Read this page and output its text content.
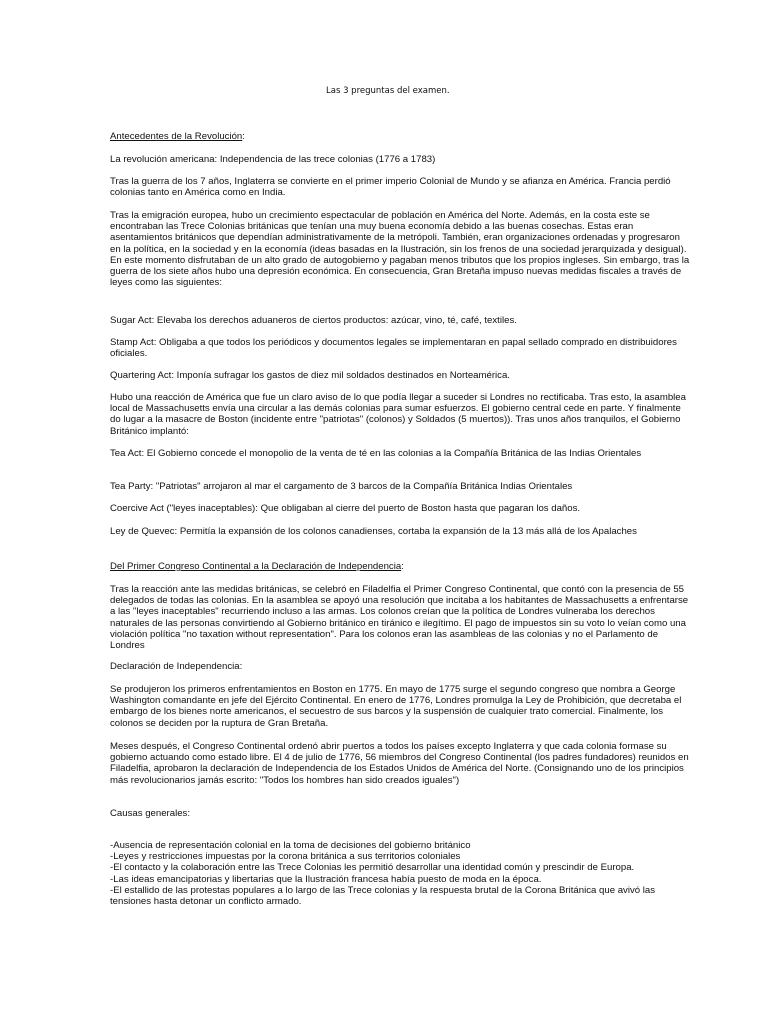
Las 3 preguntas del examen.

Antecedentes de la Revolución:

La revolución americana: Independencia de las trece colonias (1776 a 1783)

Tras la guerra de los 7 años, Inglaterra se convierte en el primer imperio Colonial de Mundo y se afianza en América. Francia perdió colonias tanto en América como en India.

Tras la emigración europea, hubo un crecimiento espectacular de población en América del Norte. Además, en la costa este se encontraban las Trece Colonias británicas que tenían una muy buena economía debido a las buenas cosechas. Estas eran asentamientos británicos que dependían administrativamente de la metrópoli. También, eran organizaciones ordenadas y progresaron en la política, en la sociedad y en la economía (ideas basadas en la Ilustración, sin los frenos de una sociedad jerarquizada y desigual). En este momento disfrutaban de un alto grado de autogobierno y pagaban menos tributos que los propios ingleses. Sin embargo, tras la guerra de los siete años hubo una depresión económica. En consecuencia, Gran Bretaña impuso nuevas medidas fiscales a través de leyes como las siguientes:

Sugar Act: Elevaba los derechos aduaneros de ciertos productos: azúcar, vino, té, café, textiles.

Stamp Act: Obligaba a que todos los periódicos y documentos legales se implementaran en papal sellado comprado en distribuidores oficiales.

Quartering Act: Imponía sufragar los gastos de diez mil soldados destinados en Norteamérica.

Hubo una reacción de América que fue un claro aviso de lo que podía llegar a suceder si Londres no rectificaba. Tras esto, la asamblea local de Massachusetts envía una circular a las demás colonias para sumar esfuerzos. El gobierno central cede en parte. Y finalmente do lugar a la masacre de Boston (incidente entre "patriotas" (colonos) y Soldados (5 muertos)). Tras unos años tranquilos, el Gobierno Británico implantó:

Tea Act: El Gobierno concede el monopolio de la venta de té en las colonias a la Compañía Británica de las Indias Orientales

Tea Party: "Patriotas" arrojaron al mar el cargamento de 3 barcos de la Compañía Británica Indias Orientales

Coercive Act ("leyes inaceptables): Que obligaban al cierre del puerto de Boston hasta que pagaran los daños.

Ley de Quevec: Permitía la expansión de los colonos canadienses, cortaba la expansión de la 13 más allá de los Apalaches

Del Primer Congreso Continental a la Declaración de Independencia:

Tras la reacción ante las medidas británicas, se celebró en Filadelfia el Primer Congreso Continental, que contó con la presencia de 55 delegados de todas las colonias. En la asamblea se apoyó una resolución que incitaba a los habitantes de Massachusetts a enfrentarse a las "leyes inaceptables" recurriendo incluso a las armas. Los colonos creían que la política de Londres vulneraba los derechos naturales de las personas convirtiendo al Gobierno británico en tiránico e ilegítimo. El pago de impuestos sin su voto lo veían como una violación política "no taxation without representation". Para los colonos eran las asambleas de las colonias y no el Parlamento de Londres

Declaración de Independencia:

Se produjeron los primeros enfrentamientos en Boston en 1775. En mayo de 1775 surge el segundo congreso que nombra a George Washington comandante en jefe del Ejército Continental. En enero de 1776, Londres promulga la Ley de Prohibición, que decretaba el embargo de los bienes norte americanos, el secuestro de sus barcos y la suspensión de cualquier trato comercial. Finalmente, los colonos se deciden por la ruptura de Gran Bretaña.

Meses después, el Congreso Continental ordenó abrir puertos a todos los países excepto Inglaterra y que cada colonia formase su gobierno actuando como estado libre. El 4 de julio de 1776, 56 miembros del Congreso Continental (los padres fundadores) reunidos en Filadelfia, aprobaron la declaración de Independencia de los Estados Unidos de América del Norte. (Consignando uno de los principios más revolucionarios jamás escrito: "Todos los hombres han sido creados iguales")

Causas generales:

-Ausencia de representación colonial en la toma de decisiones del gobierno británico

-Leyes y restricciones impuestas por la corona británica a sus territorios coloniales

-El contacto y la colaboración entre las Trece Colonias les permitió desarrollar una identidad común y prescindir de Europa.

-Las ideas emancipatorias y libertarias que la Ilustración francesa había puesto de moda en la época.

-El estallido de las protestas populares a lo largo de las Trece colonias y la respuesta brutal de la Corona Británica que avivó las tensiones hasta detonar un conflicto armado.
